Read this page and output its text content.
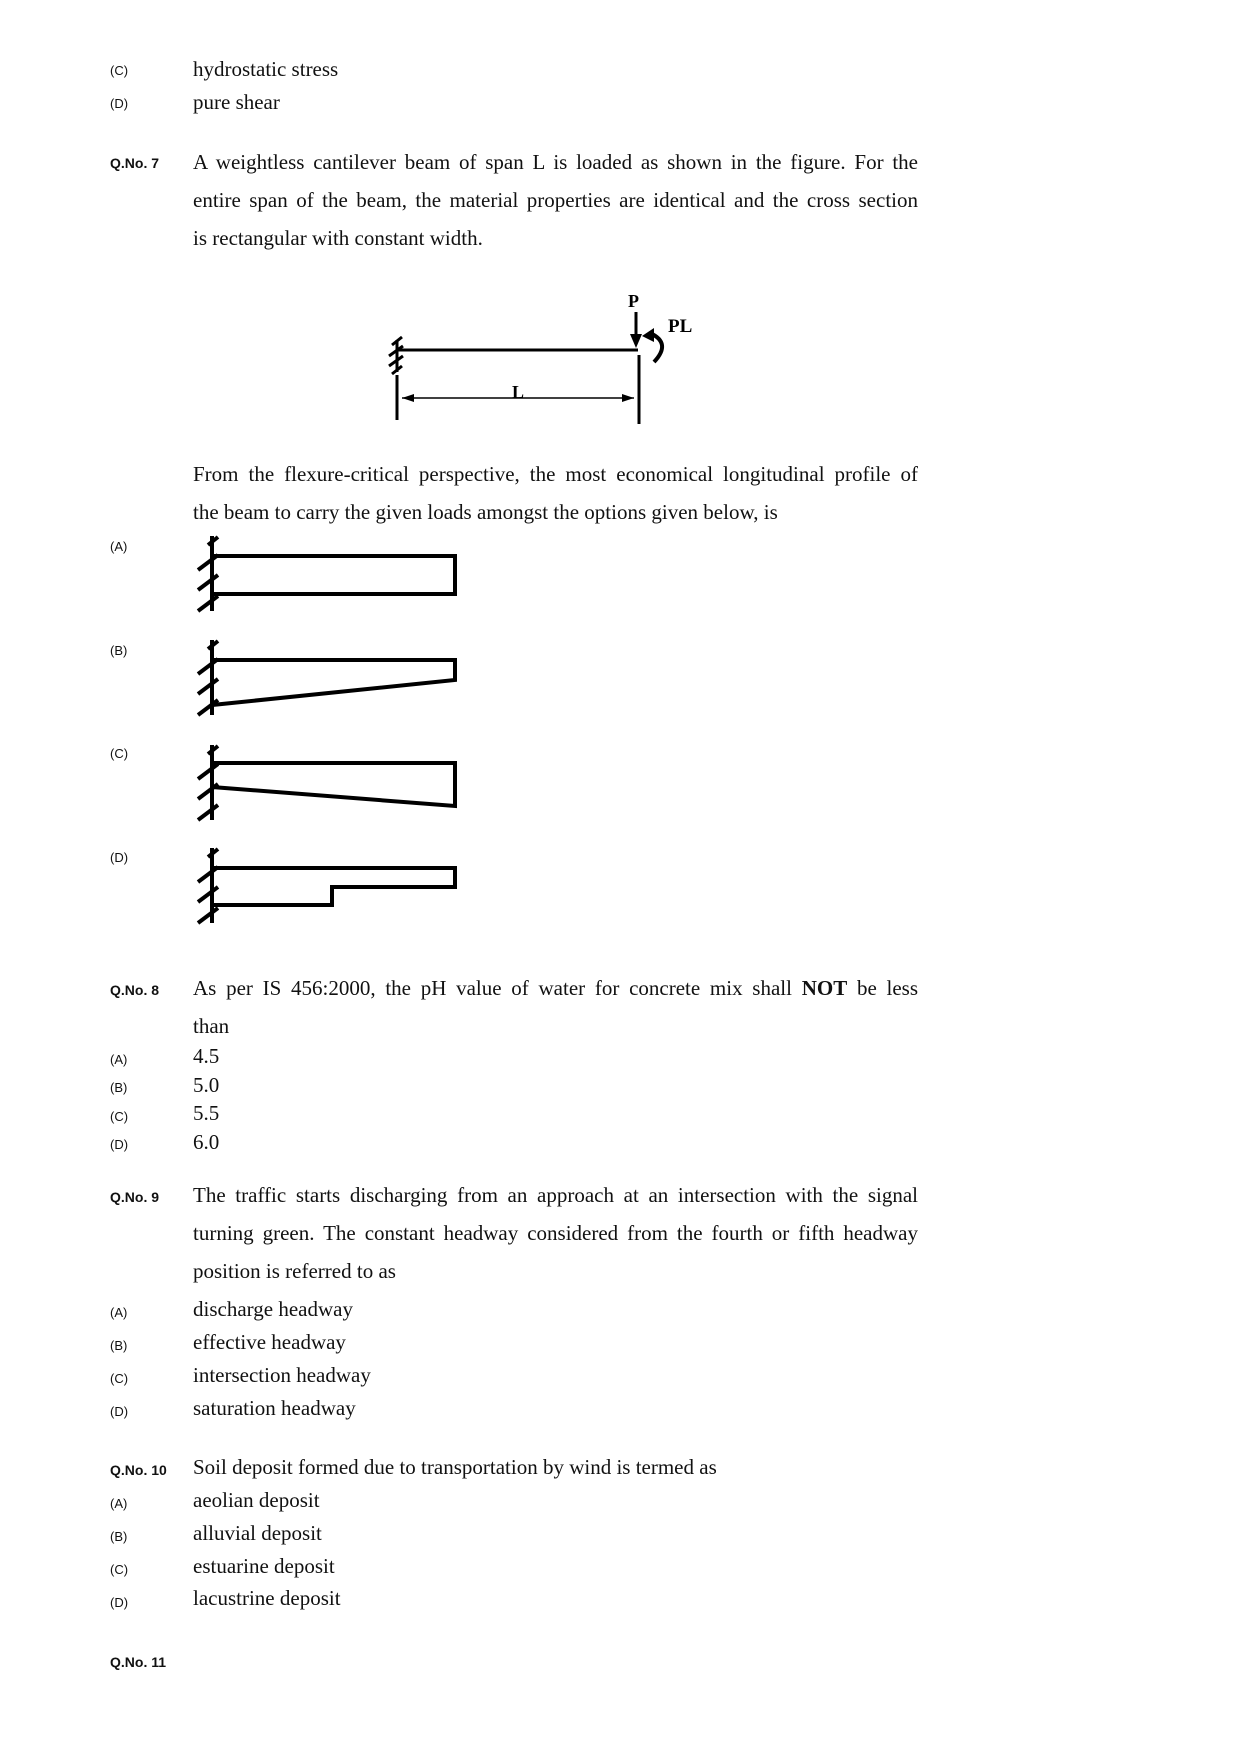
(C)	hydrostatic stress
(D)	pure shear
Q.No. 7 A weightless cantilever beam of span L is loaded as shown in the figure. For the
entire span of the beam, the material properties are identical and the cross section
is rectangular with constant width.
P
PL
L
From the flexure-critical perspective, the most economical longitudinal profile of
the beam to carry the given loads amongst the options given below, is
(A)
(B)
(C)
(D)
Q.No. 8 As per IS 456:2000, the pH value of water for concrete mix shall NOT be less
than
(A)	4.5
(B)	5.0
(C)	5.5
(D)	6.0
Q.No. 9 The traffic starts discharging from an approach at an intersection with the signal
turning green. The constant headway considered from the fourth or fifth headway
position is referred to as
(A)	discharge headway
(B)	effective headway
(C)	intersection headway
(D)	saturation headway
Q.No. 10 Soil deposit formed due to transportation by wind is termed as
(A)	aeolian deposit
(B)	alluvial deposit
(C)	estuarine deposit
(D)	lacustrine deposit
Q.No. 11
